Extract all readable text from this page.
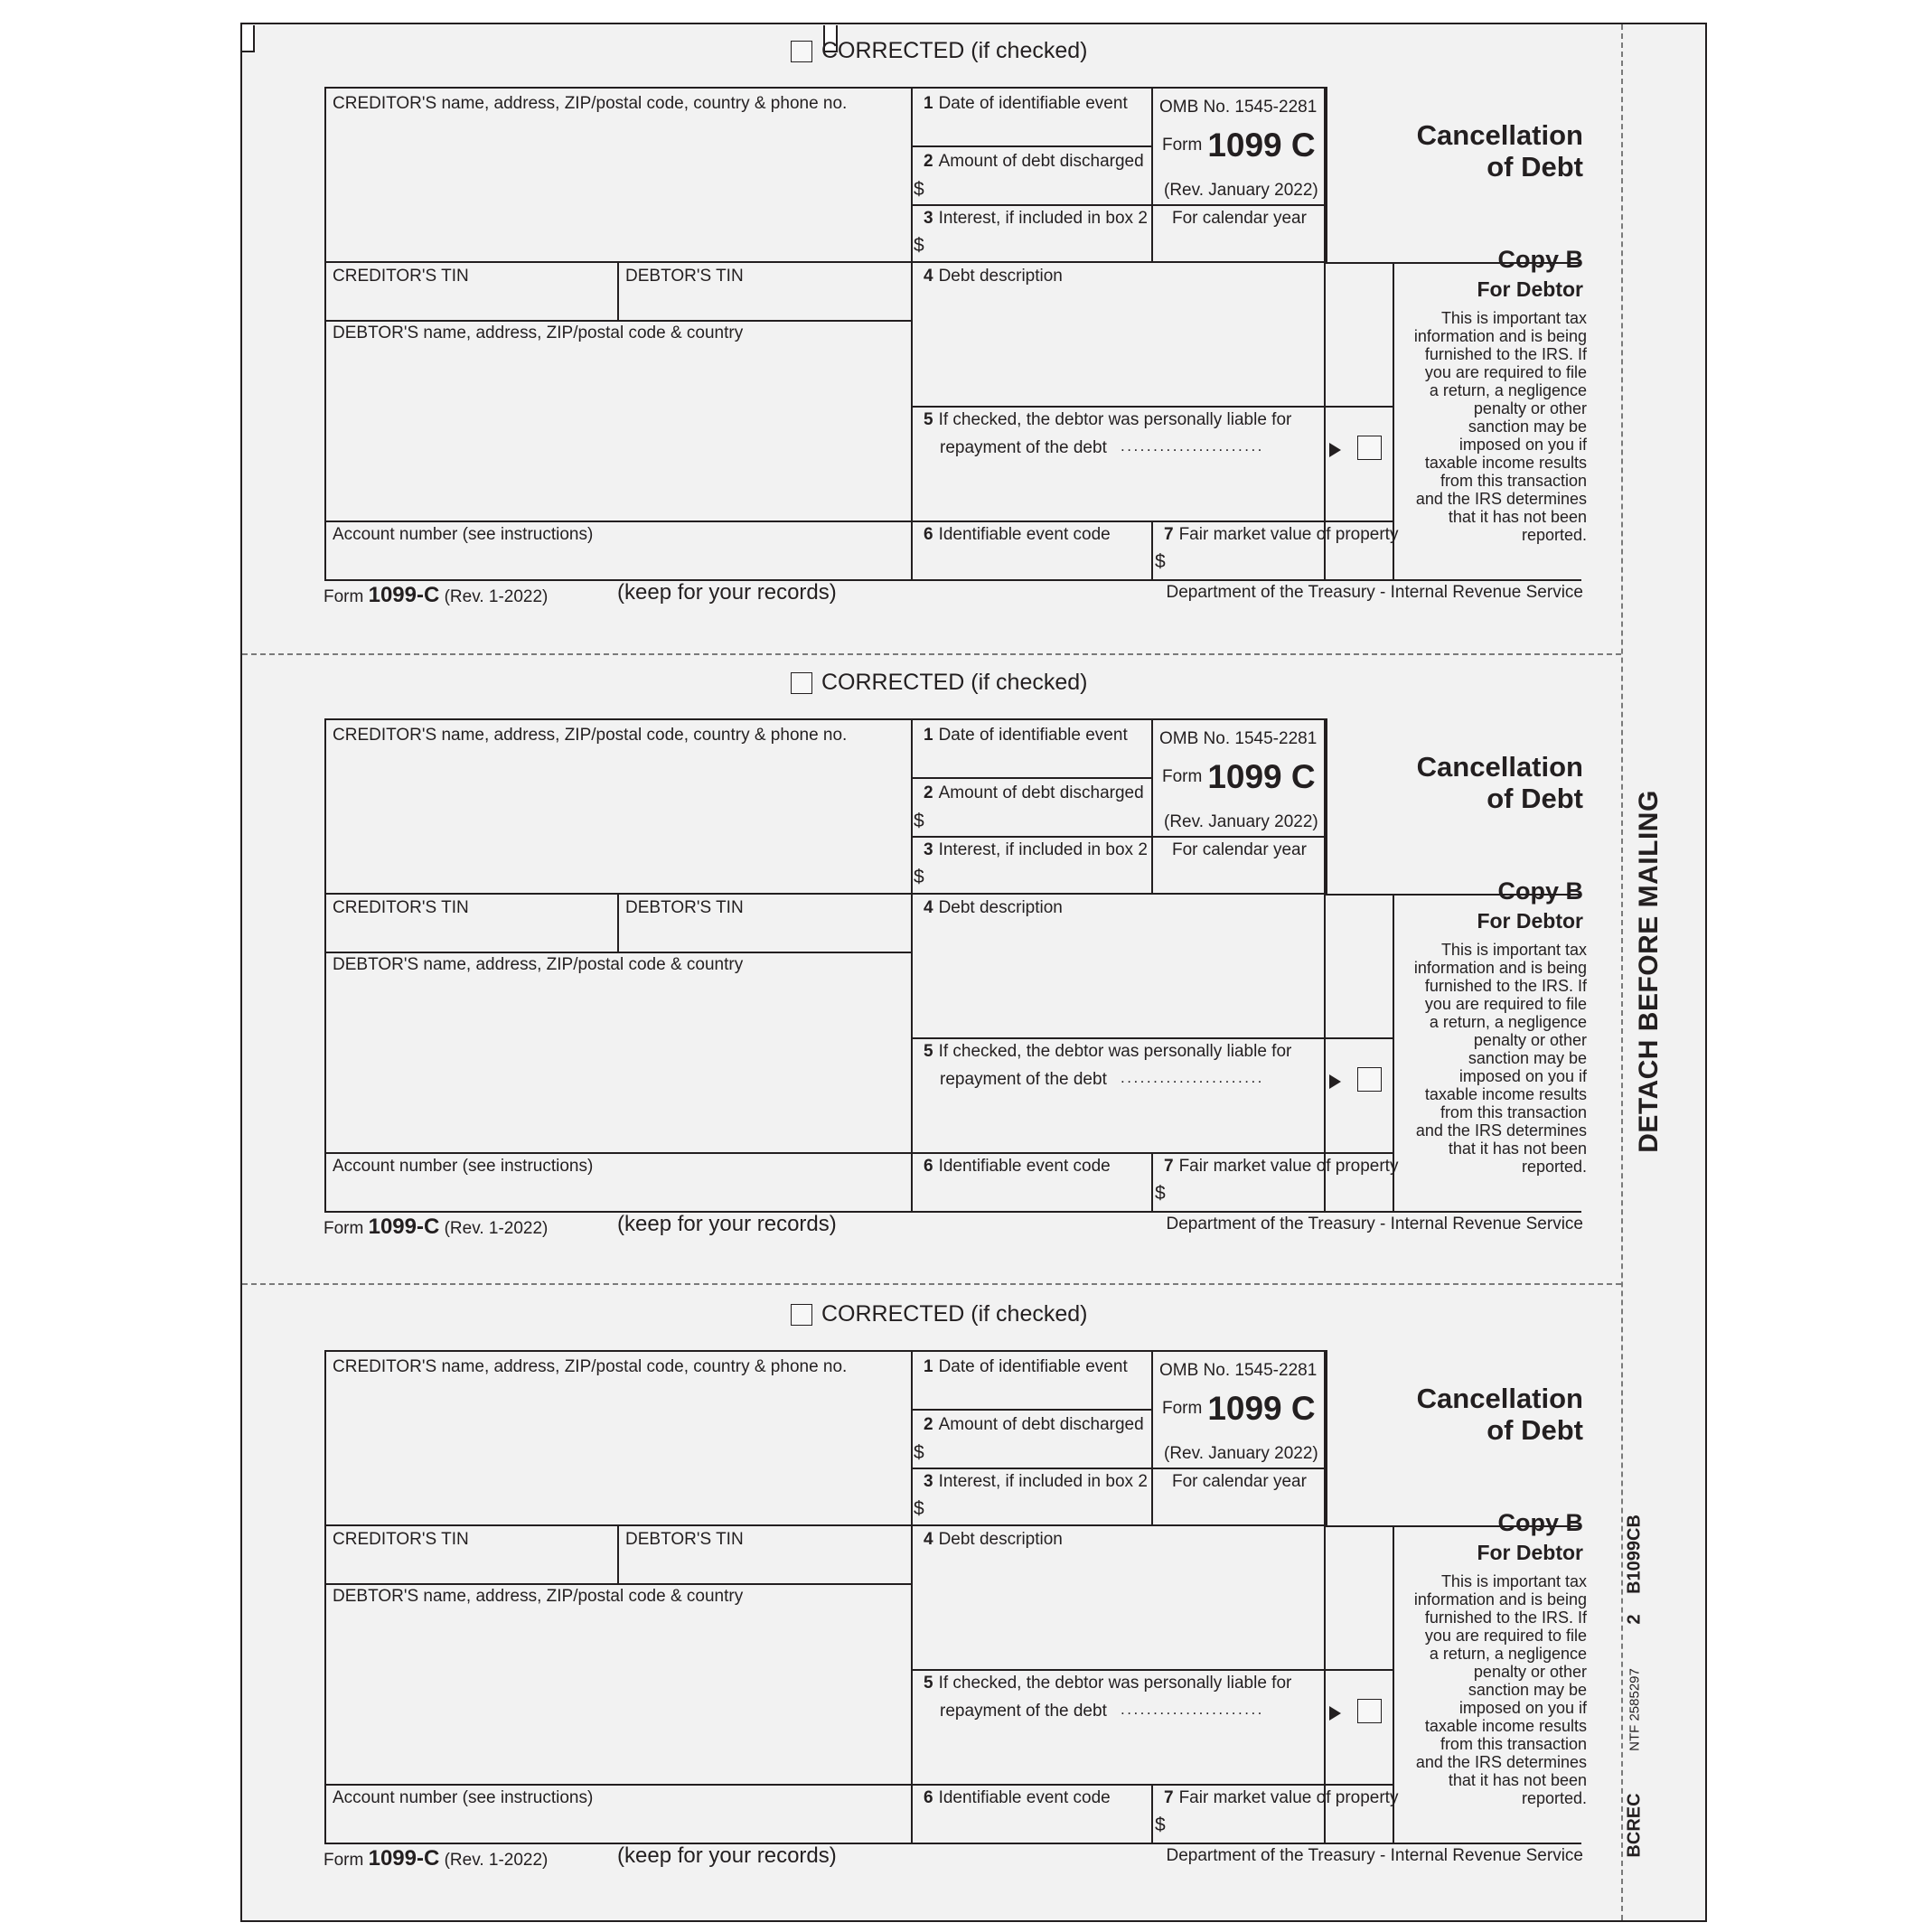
DETACH BEFORE MAILING
B1099CB
2
NTF 2585297
BCREC
CORRECTED (if checked)
CREDITOR'S name, address, ZIP/postal code, country & phone no.	1 Date of identifiable event
2 Amount of debt discharged
$
3 Interest, if included in box 2
$
OMB No. 1545-2281
Form 1099 C
(Rev. January 2022)
For calendar year
Cancellation
of Debt
CREDITOR'S TIN	DEBTOR'S TIN	4 Debt description
DEBTOR'S name, address, ZIP/postal code & country
5 If checked, the debtor was personally liable for
repayment of the debt ......................
Copy B
For Debtor
This is important tax
information and is being
furnished to the IRS. If
you are required to file
a return, a negligence
penalty or other
sanction may be
imposed on you if
taxable income results
from this transaction
and the IRS determines
that it has not been
reported.
Account number (see instructions)	6 Identifiable event code	7 Fair market value of property
$
Form 1099-C (Rev. 1-2022)	(keep for your records)	Department of the Treasury - Internal Revenue Service
CORRECTED (if checked)
CREDITOR'S name, address, ZIP/postal code, country & phone no.	1 Date of identifiable event
2 Amount of debt discharged
$
3 Interest, if included in box 2
$
OMB No. 1545-2281
Form 1099 C
(Rev. January 2022)
For calendar year
Cancellation
of Debt
CREDITOR'S TIN	DEBTOR'S TIN	4 Debt description
DEBTOR'S name, address, ZIP/postal code & country
5 If checked, the debtor was personally liable for
repayment of the debt ......................
Copy B
For Debtor
This is important tax
information and is being
furnished to the IRS. If
you are required to file
a return, a negligence
penalty or other
sanction may be
imposed on you if
taxable income results
from this transaction
and the IRS determines
that it has not been
reported.
Account number (see instructions)	6 Identifiable event code	7 Fair market value of property
$
Form 1099-C (Rev. 1-2022)	(keep for your records)	Department of the Treasury - Internal Revenue Service
CORRECTED (if checked)
CREDITOR'S name, address, ZIP/postal code, country & phone no.	1 Date of identifiable event
2 Amount of debt discharged
$
3 Interest, if included in box 2
$
OMB No. 1545-2281
Form 1099 C
(Rev. January 2022)
For calendar year
Cancellation
of Debt
CREDITOR'S TIN	DEBTOR'S TIN	4 Debt description
DEBTOR'S name, address, ZIP/postal code & country
5 If checked, the debtor was personally liable for
repayment of the debt ......................
Copy B
For Debtor
This is important tax
information and is being
furnished to the IRS. If
you are required to file
a return, a negligence
penalty or other
sanction may be
imposed on you if
taxable income results
from this transaction
and the IRS determines
that it has not been
reported.
Account number (see instructions)	6 Identifiable event code	7 Fair market value of property
$
Form 1099-C (Rev. 1-2022)	(keep for your records)	Department of the Treasury - Internal Revenue Service
